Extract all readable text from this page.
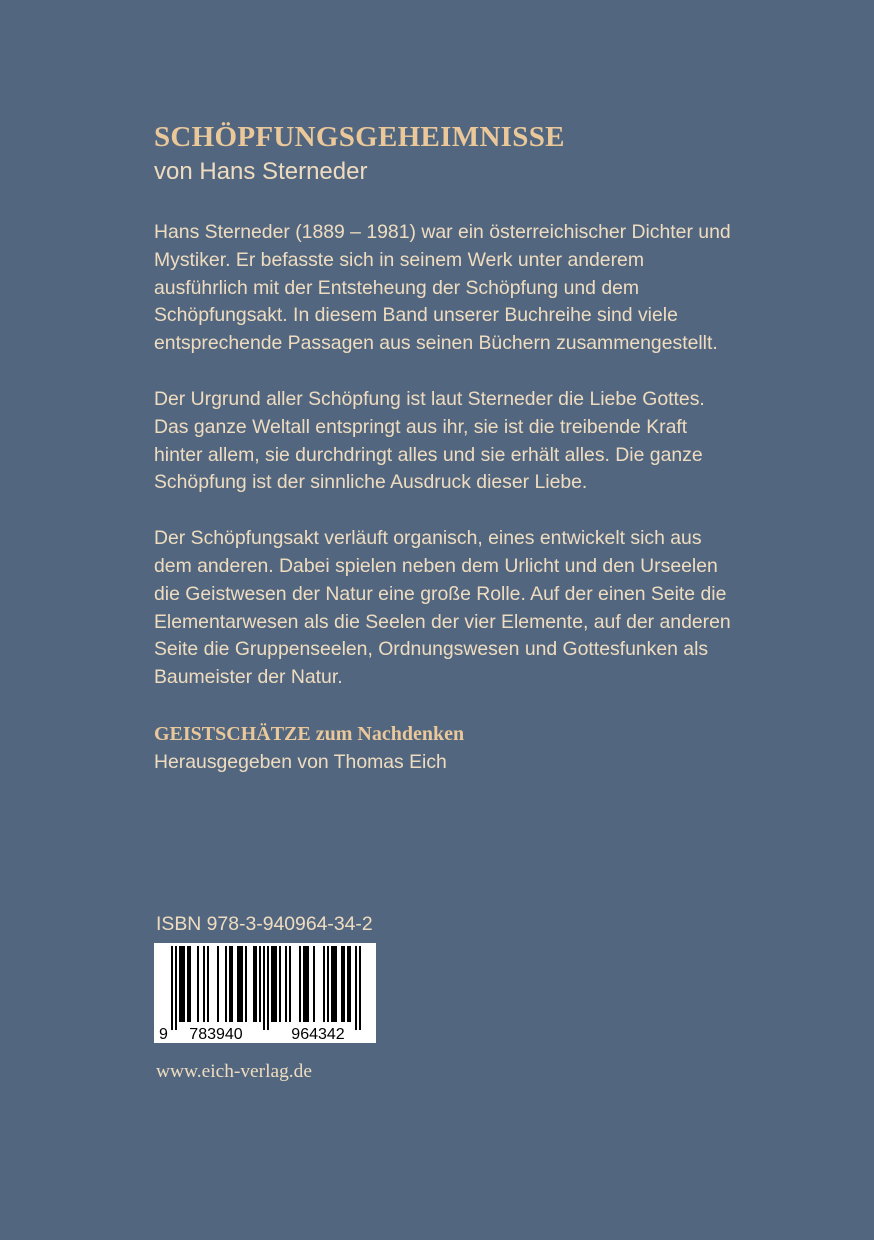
SCHÖPFUNGSGEHEIMNISSE

von Hans Sterneder

Hans Sterneder (1889 – 1981) war ein österreichischer Dichter und Mystiker. Er befasste sich in seinem Werk unter anderem ausführlich mit der Entsteheung der Schöpfung und dem Schöpfungsakt. In diesem Band unserer Buchreihe sind viele entsprechende Passagen aus seinen Büchern zusammengestellt.

Der Urgrund aller Schöpfung ist laut Sterneder die Liebe Gottes. Das ganze Weltall entspringt aus ihr, sie ist die treibende Kraft hinter allem, sie durchdringt alles und sie erhält alles. Die ganze Schöpfung ist der sinnliche Ausdruck dieser Liebe.

Der Schöpfungsakt verläuft organisch, eines entwickelt sich aus dem anderen. Dabei spielen neben dem Urlicht und den Urseelen die Geistwesen der Natur eine große Rolle. Auf der einen Seite die Elementarwesen als die Seelen der vier Elemente, auf der anderen Seite die Gruppenseelen, Ordnungswesen und Gottesfunken als Baumeister der Natur.

GEISTSCHÄTZE zum Nachdenken

Herausgegeben von Thomas Eich

ISBN 978-3-940964-34-2
9 783940	964342
www.eich-verlag.de
